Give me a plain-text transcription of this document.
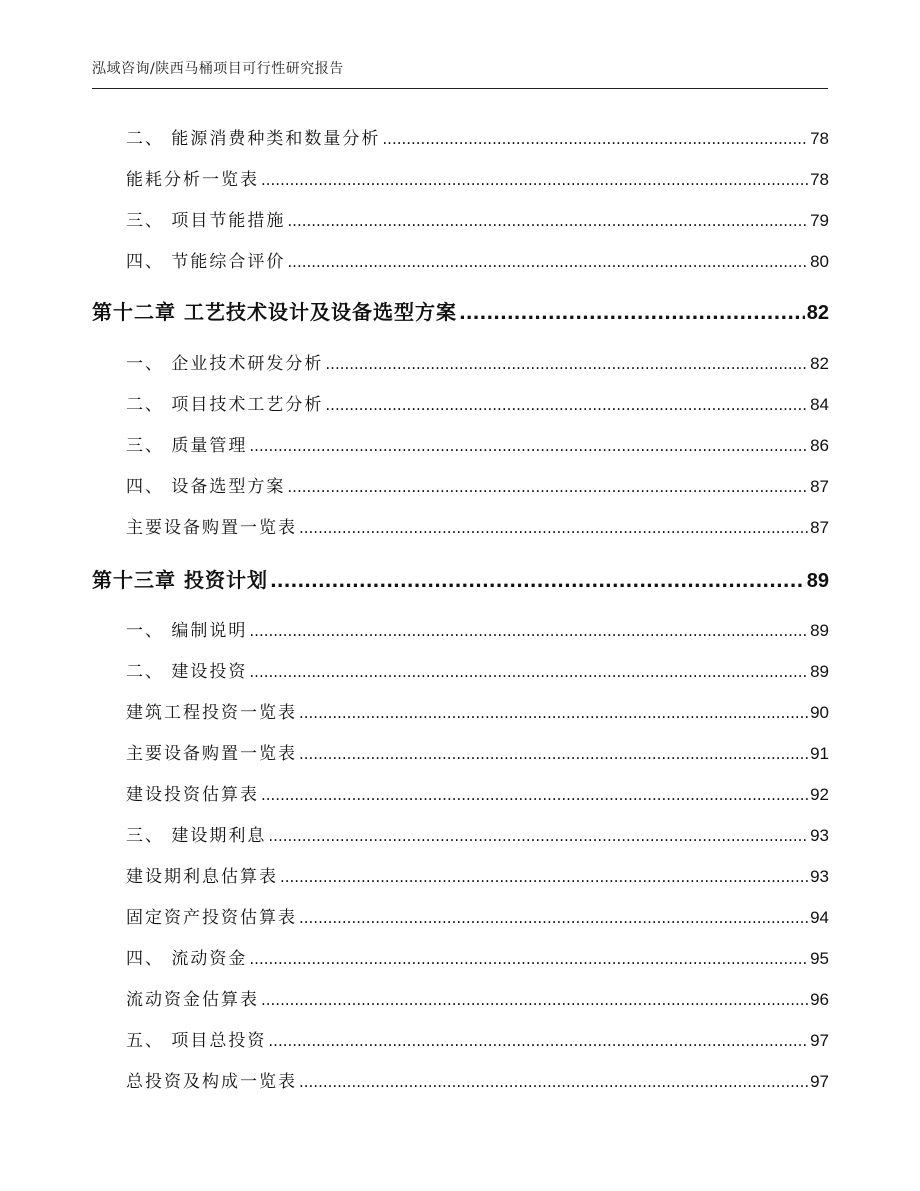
泓域咨询/陕西马桶项目可行性研究报告
二、 能源消费种类和数量分析 .....	78
能耗分析一览表 .....	78
三、 项目节能措施 .....	79
四、 节能综合评价 .....	80
第十二章 工艺技术设计及设备选型方案 .....	82
一、 企业技术研发分析 .....	82
二、 项目技术工艺分析 .....	84
三、 质量管理 .....	86
四、 设备选型方案 .....	87
主要设备购置一览表 .....	87
第十三章 投资计划 .....	89
一、 编制说明 .....	89
二、 建设投资 .....	89
建筑工程投资一览表 .....	90
主要设备购置一览表 .....	91
建设投资估算表 .....	92
三、 建设期利息 .....	93
建设期利息估算表 .....	93
固定资产投资估算表 .....	94
四、 流动资金 .....	95
流动资金估算表 .....	96
五、 项目总投资 .....	97
总投资及构成一览表 .....	97
